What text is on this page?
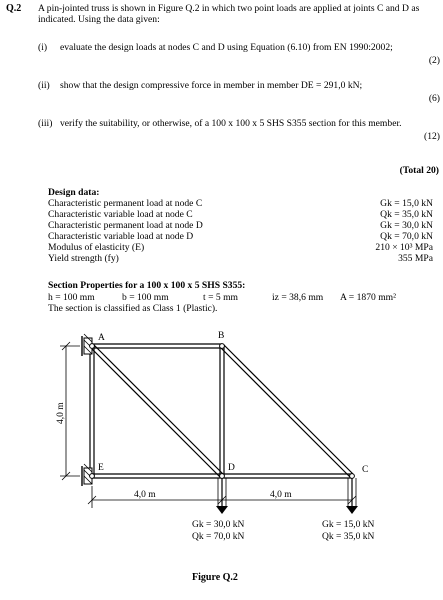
Q.2 A pin-jointed truss is shown in Figure Q.2 in which two point loads are applied at joints C and D as indicated. Using the data given:
(i) evaluate the design loads at nodes C and D using Equation (6.10) from EN 1990:2002;
(2)
(ii) show that the design compressive force in member in member DE = 291,0 kN;
(6)
(iii) verify the suitability, or otherwise, of a 100 x 100 x 5 SHS S355 section for this member.
(12)
(Total 20)
Design data:
Characteristic permanent load at node C	Gk = 15,0 kN
Characteristic variable load at node C	Qk = 35,0 kN
Characteristic permanent load at node D	Gk = 30,0 kN
Characteristic variable load at node D	Qk = 70,0 kN
Modulus of elasticity (E)	210 × 10³ MPa
Yield strength (fy)	355 MPa
Section Properties for a 100 x 100 x 5 SHS S355:
h = 100 mm	b = 100 mm	t = 5 mm	iz = 38,6 mm A = 1870 mm²
The section is classified as Class 1 (Plastic).
A	B
C
D
E
4,0 m
4,0 m	4,0 m
Gk = 30,0 kN
Qk = 70,0 kN
Gk = 15,0 kN
Qk = 35,0 kN
Figure Q.2
